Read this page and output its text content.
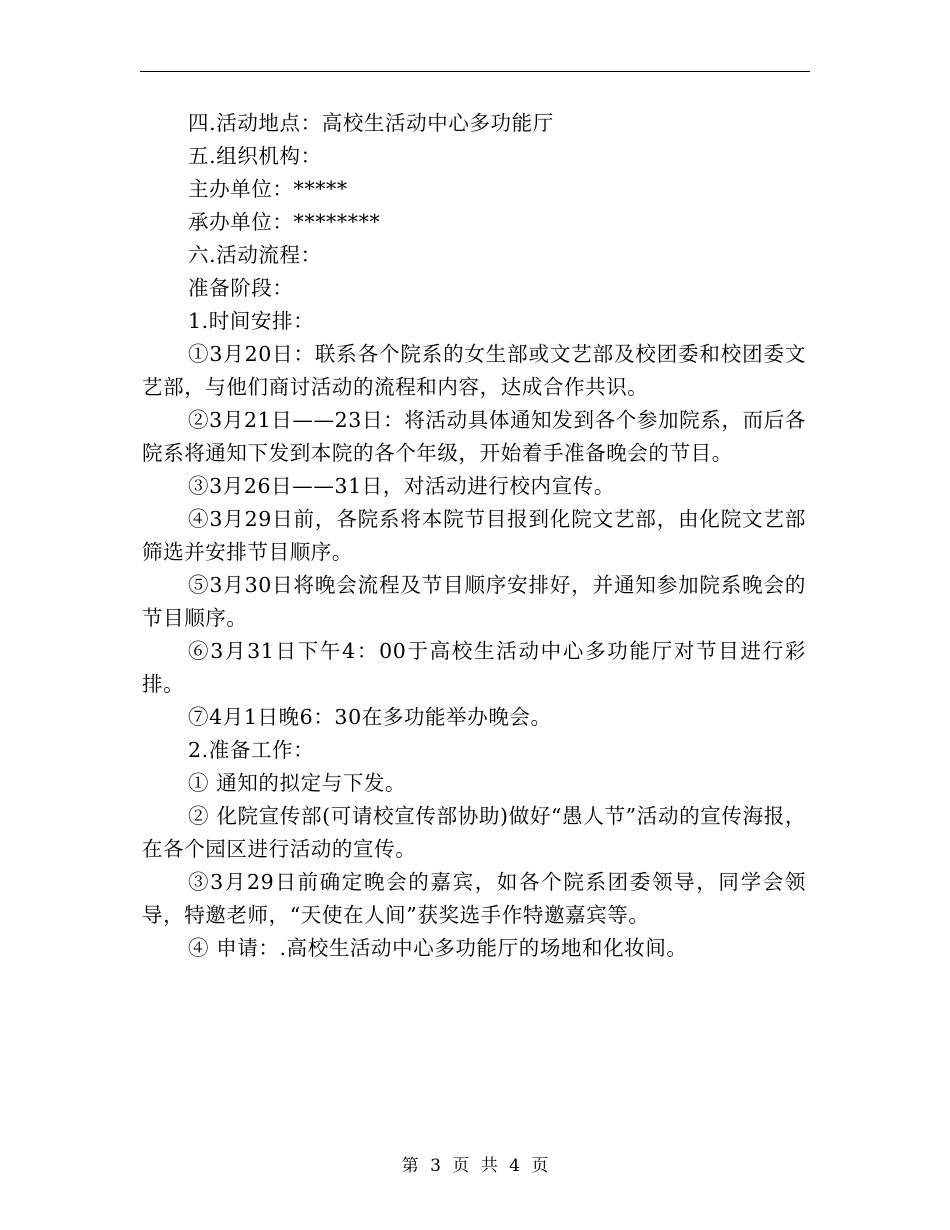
四.活动地点：高校生活动中心多功能厅

五.组织机构：

主办单位：*****

承办单位：********

六.活动流程：

准备阶段：

1.时间安排：

①3月20日：联系各个院系的女生部或文艺部及校团委和校团委文艺部，与他们商讨活动的流程和内容，达成合作共识。

②3月21日——23日：将活动具体通知发到各个参加院系，而后各院系将通知下发到本院的各个年级，开始着手准备晚会的节目。

③3月26日——31日，对活动进行校内宣传。

④3月29日前，各院系将本院节目报到化院文艺部，由化院文艺部筛选并安排节目顺序。

⑤3月30日将晚会流程及节目顺序安排好，并通知参加院系晚会的节目顺序。

⑥3月31日下午4：00于高校生活动中心多功能厅对节目进行彩排。

⑦4月1日晚6：30在多功能举办晚会。

2.准备工作：

① 通知的拟定与下发。

② 化院宣传部(可请校宣传部协助)做好“愚人节”活动的宣传海报，在各个园区进行活动的宣传。

③3月29日前确定晚会的嘉宾，如各个院系团委领导，同学会领导，特邀老师，“天使在人间”获奖选手作特邀嘉宾等。

④ 申请：.高校生活动中心多功能厅的场地和化妆间。

第 3 页 共 4 页
